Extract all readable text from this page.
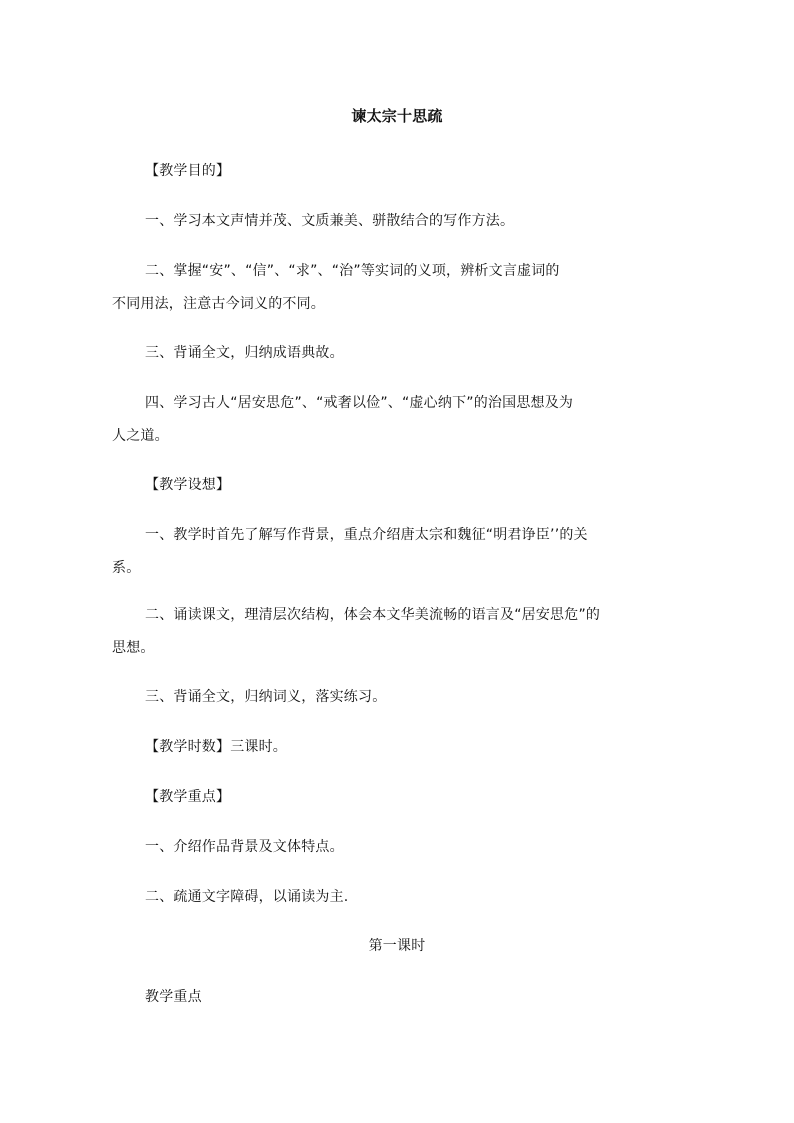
谏太宗十思疏
【教学目的】
一、学习本文声情并茂、文质兼美、骈散结合的写作方法。
二、掌握“安”、“信”、“求”、“治”等实词的义项，辨析文言虚词的
不同用法，注意古今词义的不同。
三、背诵全文，归纳成语典故。
四、学习古人“居安思危”、“戒奢以俭”、“虚心纳下”的治国思想及为
人之道。
【教学设想】
一、教学时首先了解写作背景，重点介绍唐太宗和魏征“明君诤臣’’的关
系。
二、诵读课文，理清层次结构，体会本文华美流畅的语言及“居安思危”的
思想。
三、背诵全文，归纳词义，落实练习。
【教学时数】三课时。
【教学重点】
一、介绍作品背景及文体特点。
二、疏通文字障碍，以诵读为主.
第一课时
教学重点
